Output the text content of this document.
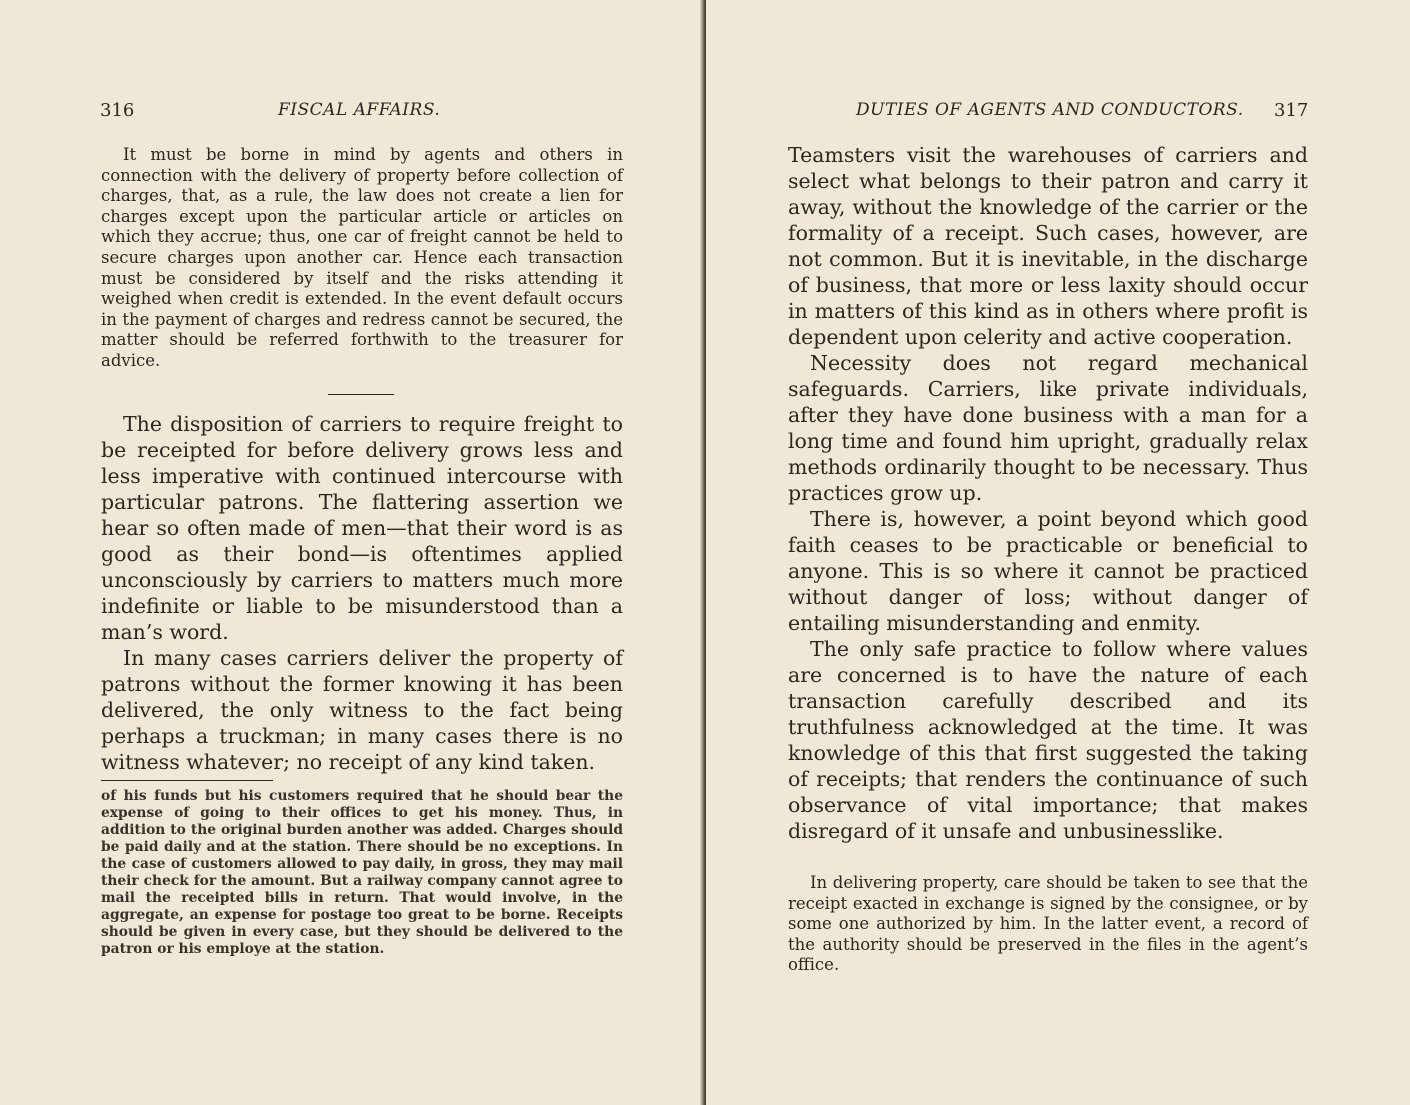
316	FISCAL AFFAIRS.

It must be borne in mind by agents and others in connection with the delivery of property before collection of charges, that, as a rule, the law does not create a lien for charges except upon the particular article or articles on which they accrue; thus, one car of freight cannot be held to secure charges upon another car. Hence each transaction must be considered by itself and the risks attending it weighed when credit is extended. In the event default occurs in the payment of charges and redress cannot be secured, the matter should be referred forthwith to the treasurer for advice.

The disposition of carriers to require freight to be receipted for before delivery grows less and less imperative with continued intercourse with particular patrons. The flattering assertion we hear so often made of men—that their word is as good as their bond—is oftentimes applied unconsciously by carriers to matters much more indefinite or liable to be misunderstood than a man’s word.

In many cases carriers deliver the property of patrons without the former knowing it has been delivered, the only witness to the fact being perhaps a truckman; in many cases there is no witness whatever; no receipt of any kind taken.

of his funds but his customers required that he should bear the expense of going to their offices to get his money. Thus, in addition to the original burden another was added. Charges should be paid daily and at the station. There should be no exceptions. In the case of customers allowed to pay daily, in gross, they may mail their check for the amount. But a railway company cannot agree to mail the receipted bills in return. That would involve, in the aggregate, an expense for postage too great to be borne. Receipts should be given in every case, but they should be delivered to the patron or his employe at the station.

DUTIES OF AGENTS AND CONDUCTORS. 317

Teamsters visit the warehouses of carriers and select what belongs to their patron and carry it away, without the knowledge of the carrier or the formality of a receipt. Such cases, however, are not common. But it is inevitable, in the discharge of business, that more or less laxity should occur in matters of this kind as in others where profit is dependent upon celerity and active cooperation.

Necessity does not regard mechanical safeguards. Carriers, like private individuals, after they have done business with a man for a long time and found him upright, gradually relax methods ordinarily thought to be necessary. Thus practices grow up.

There is, however, a point beyond which good faith ceases to be practicable or beneficial to anyone. This is so where it cannot be practiced without danger of loss; without danger of entailing misunderstanding and enmity.

The only safe practice to follow where values are concerned is to have the nature of each transaction carefully described and its truthfulness acknowledged at the time. It was knowledge of this that first suggested the taking of receipts; that renders the continuance of such observance of vital importance; that makes disregard of it unsafe and unbusinesslike.

In delivering property, care should be taken to see that the receipt exacted in exchange is signed by the consignee, or by some one authorized by him. In the latter event, a record of the authority should be preserved in the files in the agent’s office.
